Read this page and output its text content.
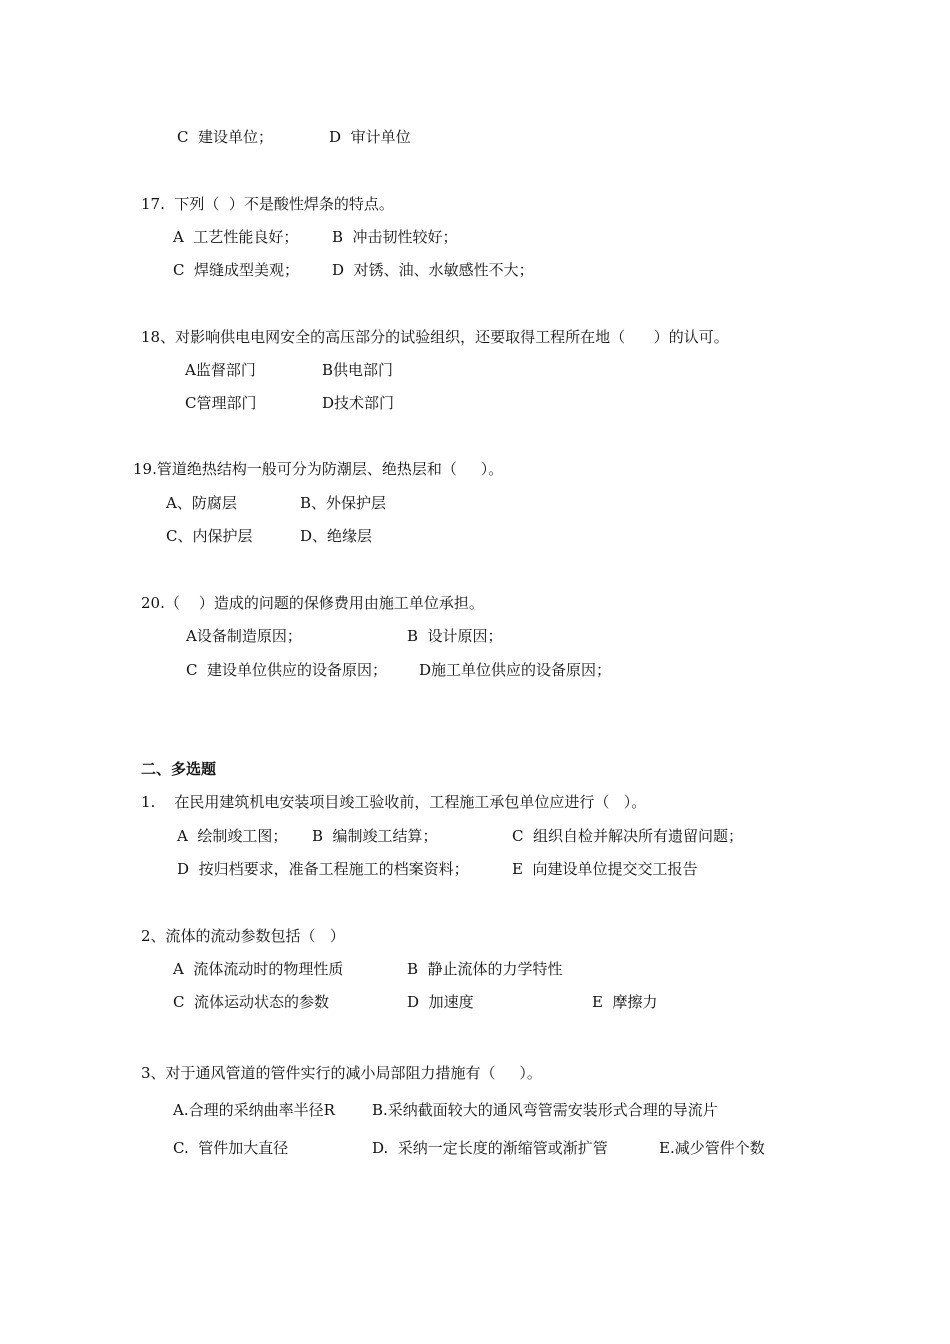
C  建设单位；	D  审计单位
17.  下列（  ）不是酸性焊条的特点。
A  工艺性能良好； B  冲击韧性较好；
C  焊缝成型美观； D  对锈、油、水敏感性不大；
18、对影响供电电网安全的高压部分的试验组织，还要取得工程所在地（      ）的认可。
A监督部门	B供电部门
C管理部门	D技术部门
19.管道绝热结构一般可分为防潮层、绝热层和（     ）。
A、防腐层	B、外保护层
C、内保护层	D、绝缘层
20.（    ）造成的问题的保修费用由施工单位承担。
A设备制造原因；	B  设计原因；
C  建设单位供应的设备原因； D施工单位供应的设备原因；
二、多选题
1.    在民用建筑机电安装项目竣工验收前，工程施工承包单位应进行（   ）。
A  绘制竣工图； B  编制竣工结算；	C  组织自检并解决所有遗留问题；
D  按归档要求，准备工程施工的档案资料；	E  向建设单位提交交工报告
2、流体的流动参数包括（   ）
A  流体流动时的物理性质	B  静止流体的力学特性
C  流体运动状态的参数	D  加速度	E  摩擦力
3、对于通风管道的管件实行的减小局部阻力措施有（     ）。
A.合理的采纳曲率半径R B.采纳截面较大的通风弯管需安装形式合理的导流片
C.  管件加大直径	D.  采纳一定长度的渐缩管或渐扩管	E.减少管件个数
